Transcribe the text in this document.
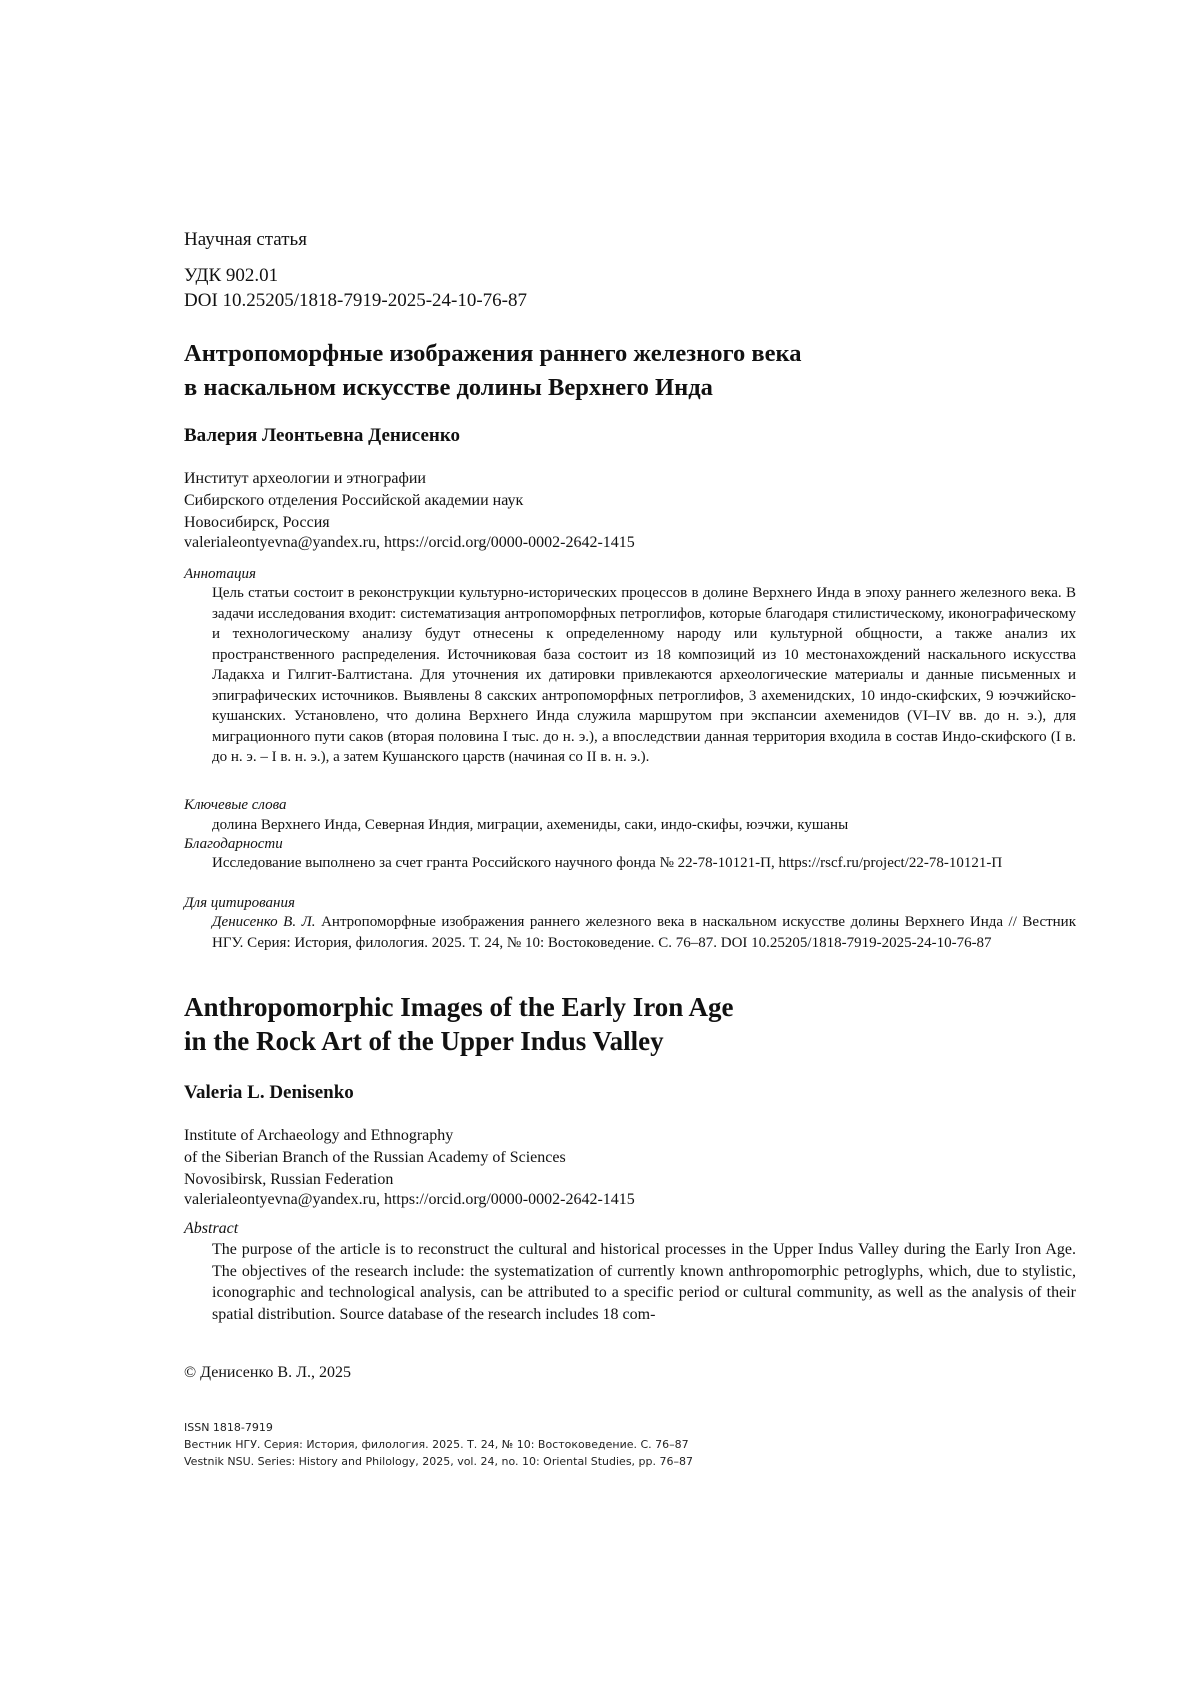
Научная статья
УДК 902.01
DOI 10.25205/1818-7919-2025-24-10-76-87
Антропоморфные изображения раннего железного века
в наскальном искусстве долины Верхнего Инда
Валерия Леонтьевна Денисенко
Институт археологии и этнографии
Сибирского отделения Российской академии наук
Новосибирск, Россия
valerialeontyevna@yandex.ru, https://orcid.org/0000-0002-2642-1415
Аннотация
Цель статьи состоит в реконструкции культурно-исторических процессов в долине Верхнего Инда в эпоху раннего железного века. В задачи исследования входит: систематизация антропоморфных петроглифов, которые благодаря стилистическому, иконографическому и технологическому анализу будут отнесены к определенному народу или культурной общности, а также анализ их пространственного распределения. Источниковая база состоит из 18 композиций из 10 местонахождений наскального искусства Ладакха и Гилгит-Балтистана. Для уточнения их датировки привлекаются археологические материалы и данные письменных и эпиграфических источников. Выявлены 8 сакских антропоморфных петроглифов, 3 ахеменидских, 10 индо-скифских, 9 юэчжийско-кушанских. Установлено, что долина Верхнего Инда служила маршрутом при экспансии ахеменидов (VI–IV вв. до н. э.), для миграционного пути саков (вторая половина I тыс. до н. э.), а впоследствии данная территория входила в состав Индо-скифского (I в. до н. э. – I в. н. э.), а затем Кушанского царств (начиная со II в. н. э.).
Ключевые слова
долина Верхнего Инда, Северная Индия, миграции, ахемениды, саки, индо-скифы, юэчжи, кушаны
Благодарности
Исследование выполнено за счет гранта Российского научного фонда № 22-78-10121-П, https://rscf.ru/project/22-78-10121-П
Для цитирования
Денисенко В. Л. Антропоморфные изображения раннего железного века в наскальном искусстве долины Верхнего Инда // Вестник НГУ. Серия: История, филология. 2025. Т. 24, № 10: Востоковедение. С. 76–87. DOI 10.25205/1818-7919-2025-24-10-76-87
Anthropomorphic Images of the Early Iron Age
in the Rock Art of the Upper Indus Valley
Valeria L. Denisenko
Institute of Archaeology and Ethnography
of the Siberian Branch of the Russian Academy of Sciences
Novosibirsk, Russian Federation
valerialeontyevna@yandex.ru, https://orcid.org/0000-0002-2642-1415
Abstract
The purpose of the article is to reconstruct the cultural and historical processes in the Upper Indus Valley during the Early Iron Age. The objectives of the research include: the systematization of currently known anthropomorphic petroglyphs, which, due to stylistic, iconographic and technological analysis, can be attributed to a specific period or cultural community, as well as the analysis of their spatial distribution. Source database of the research includes 18 com-
© Денисенко В. Л., 2025
ISSN 1818-7919
Вестник НГУ. Серия: История, филология. 2025. Т. 24, № 10: Востоковедение. С. 76–87
Vestnik NSU. Series: History and Philology, 2025, vol. 24, no. 10: Oriental Studies, pp. 76–87
